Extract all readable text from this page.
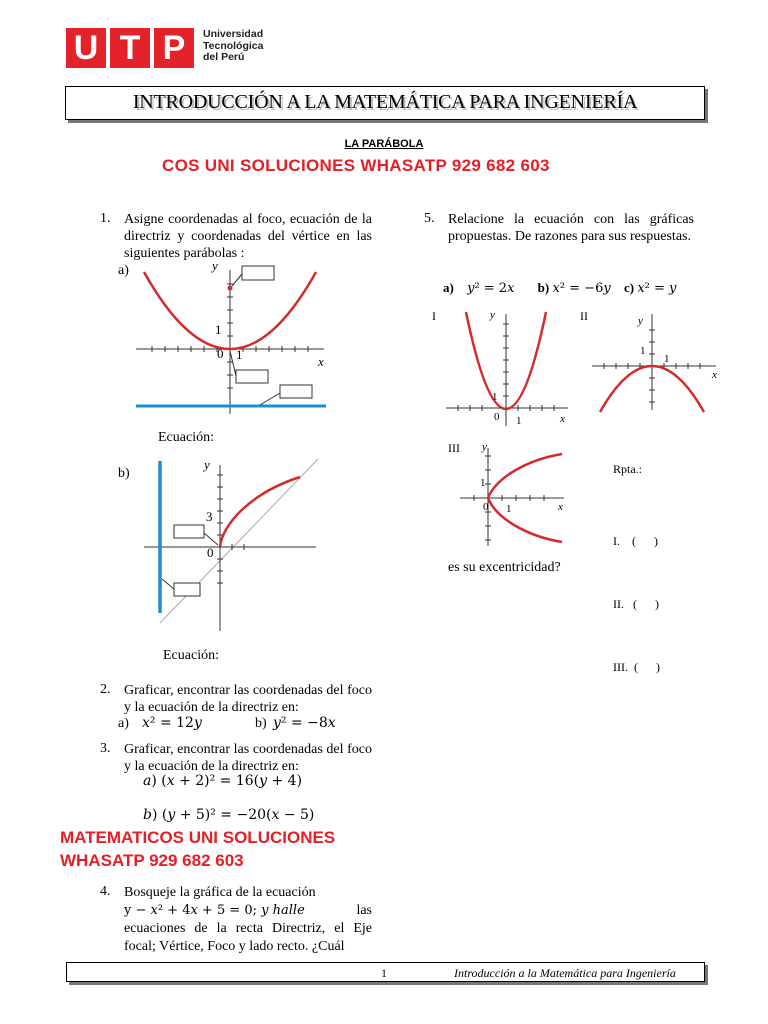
U T P	Universidad
Tecnológica
del Perú
INTRODUCCIÓN A LA MATEMÁTICA PARA INGENIERÍA
LA PARÁBOLA
COS UNI SOLUCIONES WHASATP 929 682 603
1. Asigne coordenadas al foco, ecuación de la directriz y coordenadas del vértice en las siguientes parábolas :
a)	y
x
1
0 1
Ecuación:
b)
y
3
0
Ecuación:
2. Graficar, encontrar las coordenadas del foco y la ecuación de la directriz en:
a) 𝑥² = 12𝑦	b) 𝑦² = −8𝑥
3. Graficar, encontrar las coordenadas del foco y la ecuación de la directriz en:
𝑎) (𝑥 + 2)² = 16(𝑦 + 4)
𝑏) (𝑦 + 5)² = −20(𝑥 − 5)
MATEMATICOS UNI SOLUCIONES
WHASATP 929 682 603
4. Bosqueje la gráfica de la ecuación
y − 𝑥² + 4𝑥 + 5 = 0; 𝑦 ℎ𝑎𝑙𝑙𝑒	las
ecuaciones de la recta Directriz, el Eje focal; Vértice, Foco y lado recto. ¿Cuál
5. Relacione la ecuación con las gráficas propuestas. De razones para sus respuestas.
a) 𝑦² = 2𝑥 b) 𝑥² = −6𝑦 c) 𝑥² = 𝑦
I	y
x
1
0 1
II	y
x
1
1
III y
x
1
0 1
Rpta.:

I.    (      )

II.   (      )

III.  (      )

es su excentricidad?
1	Introducción a la Matemática para Ingeniería
